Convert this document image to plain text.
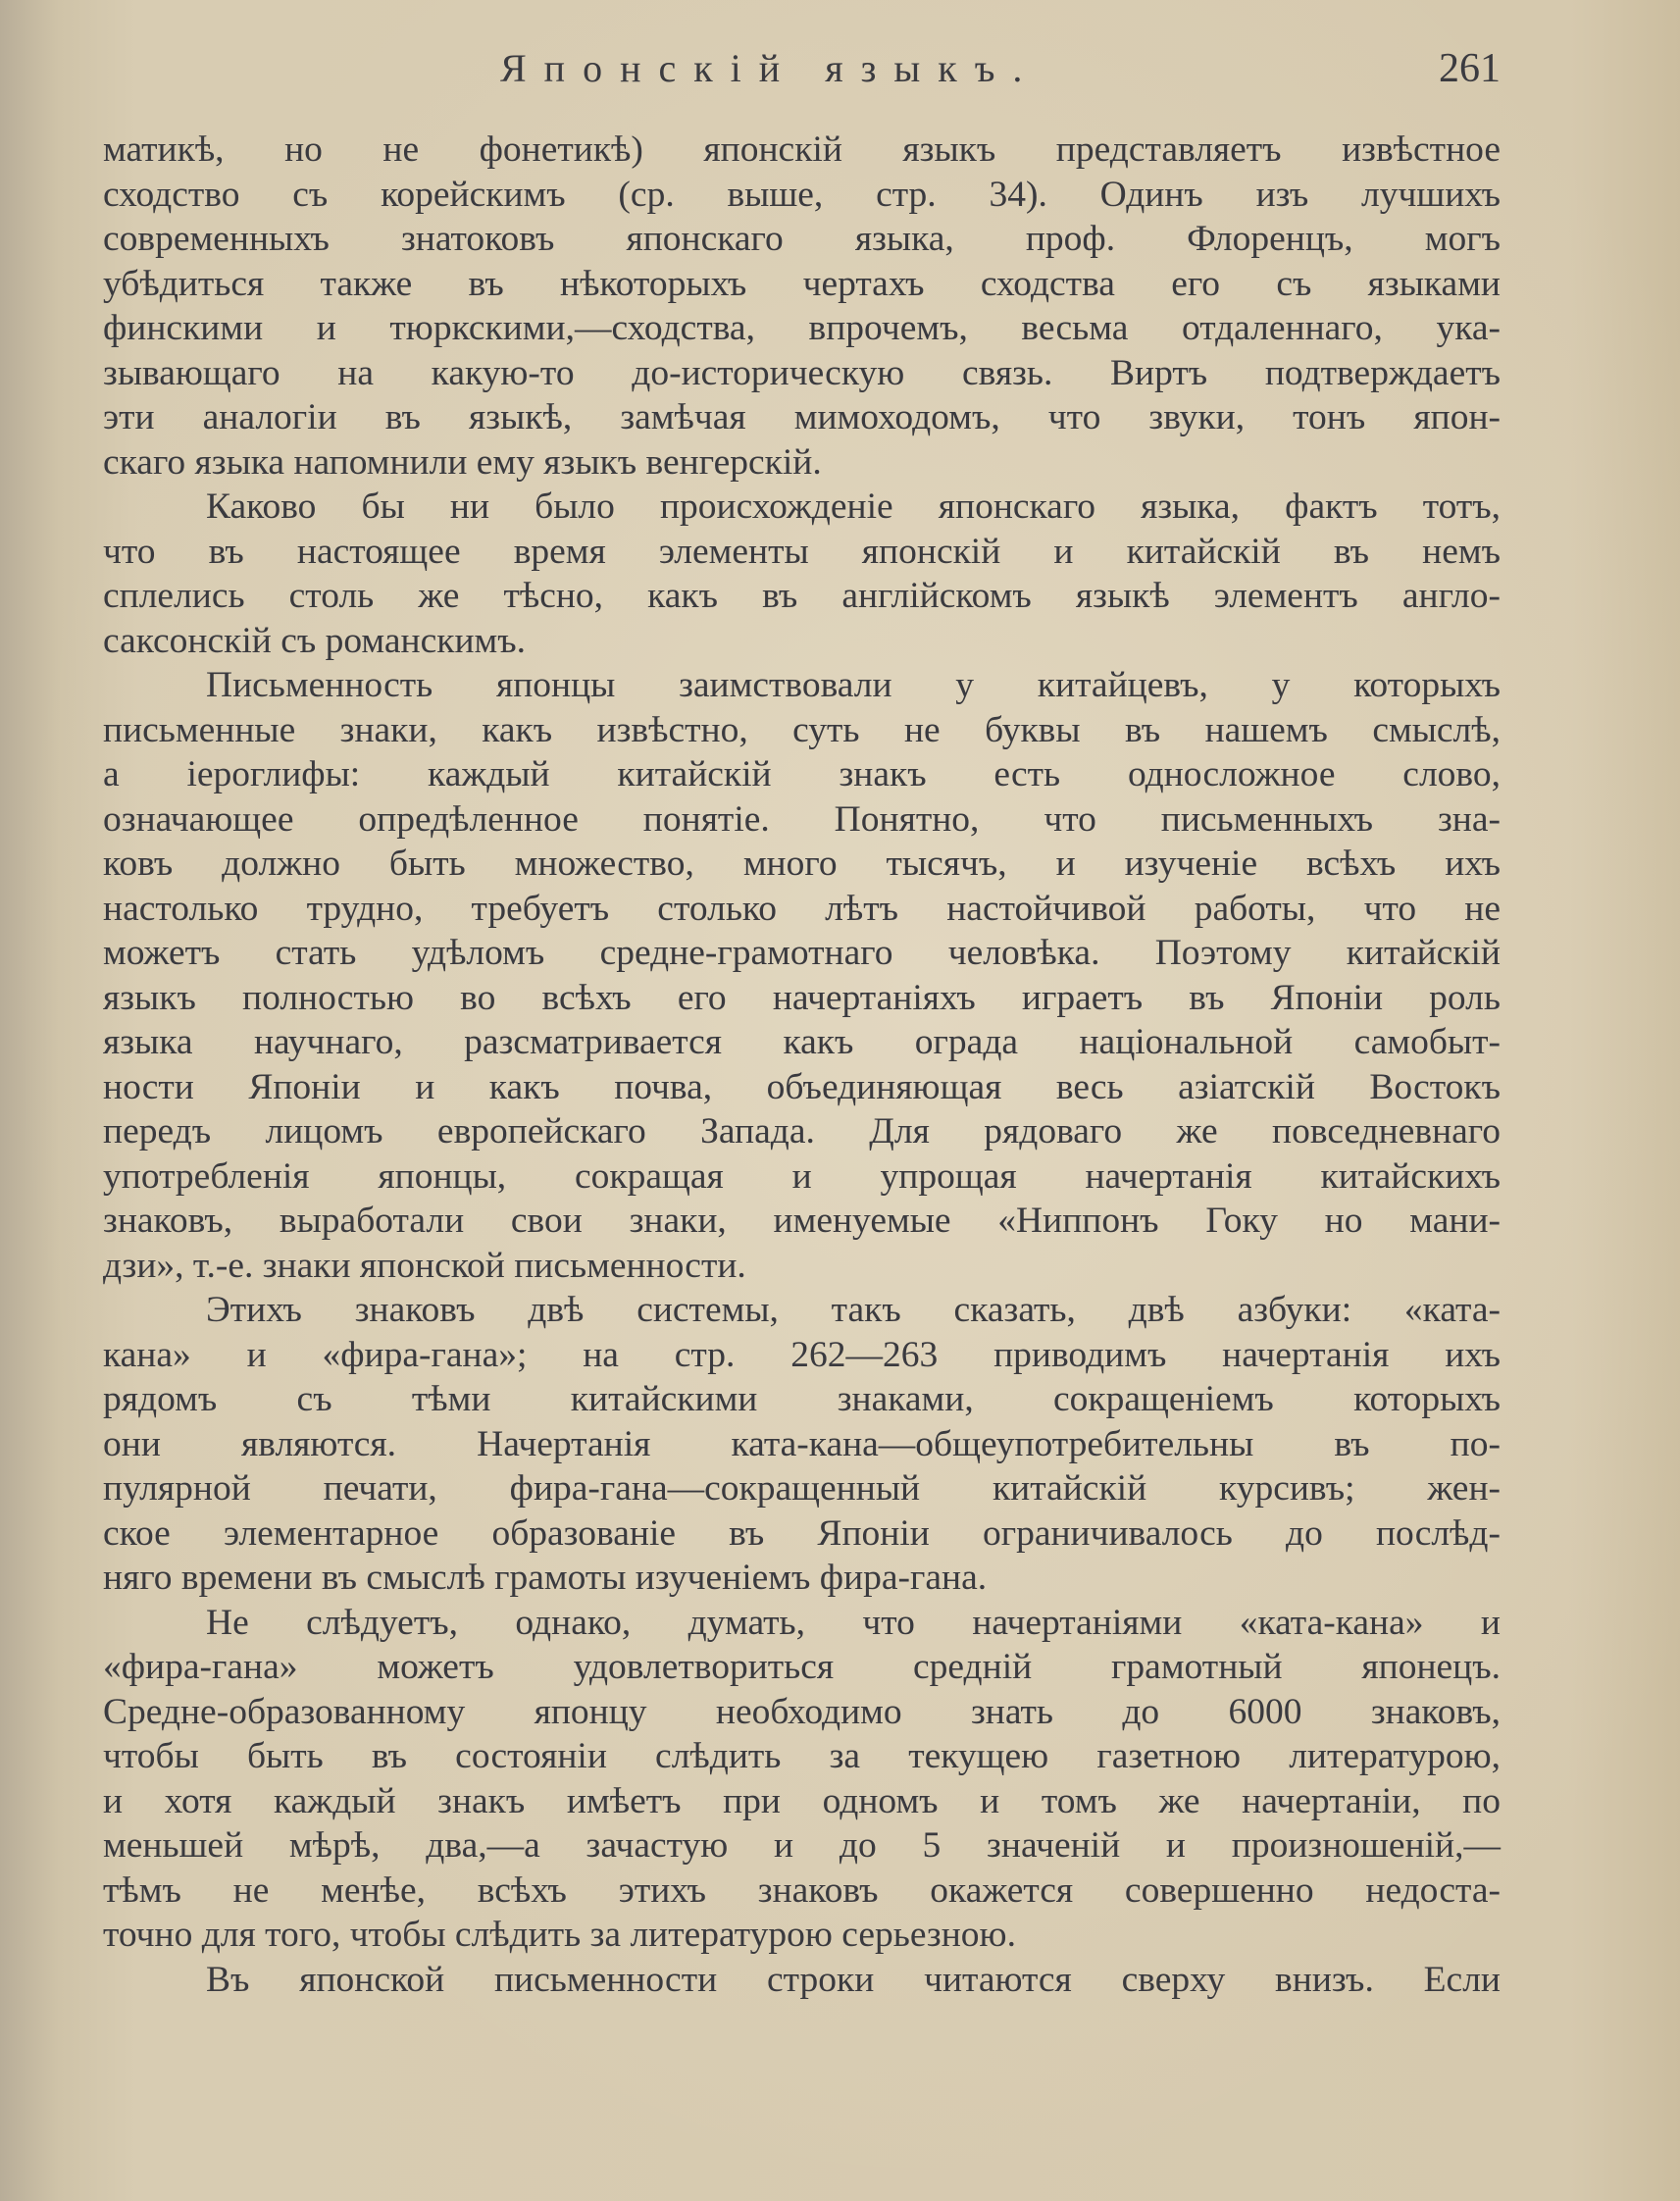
Японскій языкъ.	261
матикѣ, но не фонетикѣ) японскій языкъ представляетъ извѣстное
сходство съ корейскимъ (ср. выше, стр. 34). Одинъ изъ лучшихъ
современныхъ знатоковъ японскаго языка, проф. Флоренцъ, могъ
убѣдиться также въ нѣкоторыхъ чертахъ сходства его съ языками
финскими и тюркскими,—сходства, впрочемъ, весьма отдаленнаго, ука-
зывающаго на какую-то до-историческую связь. Виртъ подтверждаетъ
эти аналогіи въ языкѣ, замѣчая мимоходомъ, что звуки, тонъ япон-
скаго языка напомнили ему языкъ венгерскій.
Каково бы ни было происхожденіе японскаго языка, фактъ тотъ,
что въ настоящее время элементы японскій и китайскій въ немъ
сплелись столь же тѣсно, какъ въ англійскомъ языкѣ элементъ англо-
саксонскій съ романскимъ.
Письменность японцы заимствовали у китайцевъ, у которыхъ
письменные знаки, какъ извѣстно, суть не буквы въ нашемъ смыслѣ,
а іероглифы: каждый китайскій знакъ есть односложное слово,
означающее опредѣленное понятіе. Понятно, что письменныхъ зна-
ковъ должно быть множество, много тысячъ, и изученіе всѣхъ ихъ
настолько трудно, требуетъ столько лѣтъ настойчивой работы, что не
можетъ стать удѣломъ средне-грамотнаго человѣка. Поэтому китайскій
языкъ полностью во всѣхъ его начертаніяхъ играетъ въ Японіи роль
языка научнаго, разсматривается какъ ограда національной самобыт-
ности Японіи и какъ почва, объединяющая весь азіатскій Востокъ
передъ лицомъ европейскаго Запада. Для рядоваго же повседневнаго
употребленія японцы, сокращая и упрощая начертанія китайскихъ
знаковъ, выработали свои знаки, именуемые «Ниппонъ Гоку но мани-
дзи», т.-е. знаки японской письменности.
Этихъ знаковъ двѣ системы, такъ сказать, двѣ азбуки: «ката-
кана» и «фира-гана»; на стр. 262—263 приводимъ начертанія ихъ
рядомъ съ тѣми китайскими знаками, сокращеніемъ которыхъ
они являются. Начертанія ката-кана—общеупотребительны въ по-
пулярной печати, фира-гана—сокращенный китайскій курсивъ; жен-
ское элементарное образованіе въ Японіи ограничивалось до послѣд-
няго времени въ смыслѣ грамоты изученіемъ фира-гана.
Не слѣдуетъ, однако, думать, что начертаніями «ката-кана» и
«фира-гана» можетъ удовлетвориться средній грамотный японецъ.
Средне-образованному японцу необходимо знать до 6000 знаковъ,
чтобы быть въ состояніи слѣдить за текущею газетною литературою,
и хотя каждый знакъ имѣетъ при одномъ и томъ же начертаніи, по
меньшей мѣрѣ, два,—а зачастую и до 5 значеній и произношеній,—
тѣмъ не менѣе, всѣхъ этихъ знаковъ окажется совершенно недоста-
точно для того, чтобы слѣдить за литературою серьезною.
Въ японской письменности строки читаются сверху внизъ. Если
